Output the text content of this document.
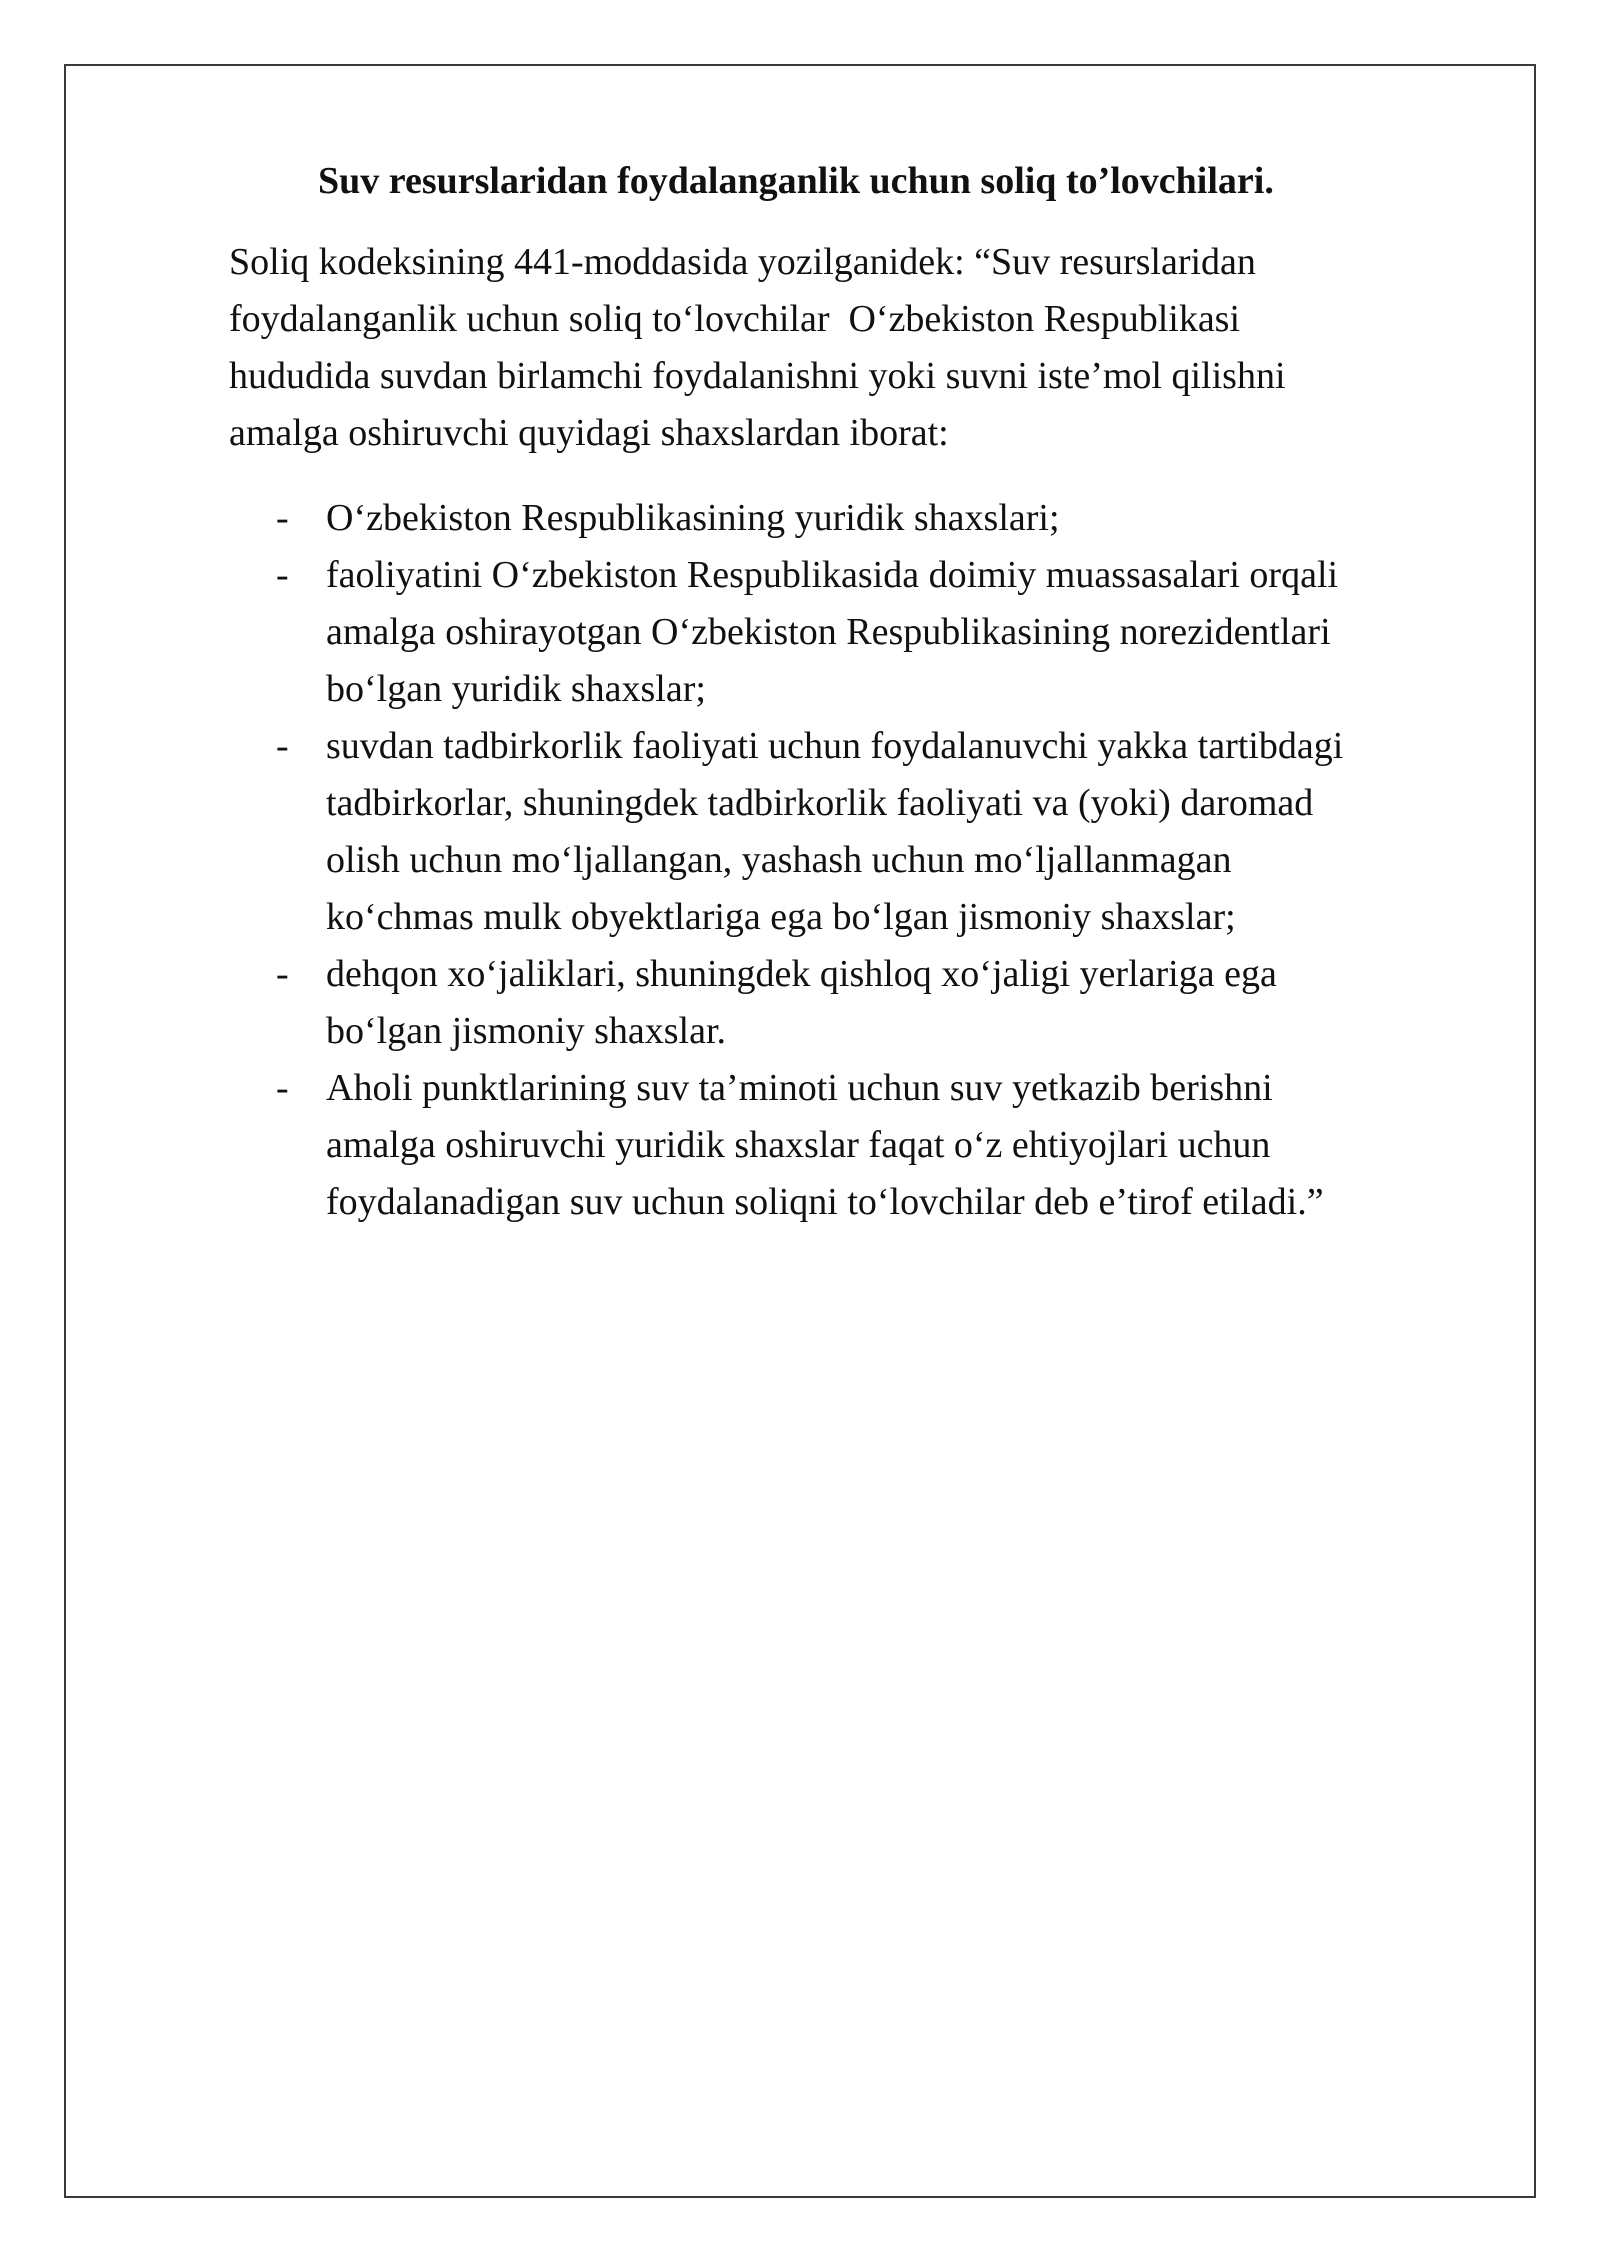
Suv resurslaridan foydalanganlik uchun soliq to’lovchilari.

Soliq kodeksining 441-moddasida yozilganidek: “Suv resurslaridan
foydalanganlik uchun soliq toʻlovchilar  Oʻzbekiston Respublikasi
hududida suvdan birlamchi foydalanishni yoki suvni iste’mol qilishni
amalga oshiruvchi quyidagi shaxslardan iborat:

- Oʻzbekiston Respublikasining yuridik shaxslari;
- faoliyatini Oʻzbekiston Respublikasida doimiy muassasalari orqali
amalga oshirayotgan Oʻzbekiston Respublikasining norezidentlari
boʻlgan yuridik shaxslar;
- suvdan tadbirkorlik faoliyati uchun foydalanuvchi yakka tartibdagi
tadbirkorlar, shuningdek tadbirkorlik faoliyati va (yoki) daromad
olish uchun moʻljallangan, yashash uchun moʻljallanmagan
koʻchmas mulk obyektlariga ega boʻlgan jismoniy shaxslar;
- dehqon xoʻjaliklari, shuningdek qishloq xoʻjaligi yerlariga ega
boʻlgan jismoniy shaxslar.
- Aholi punktlarining suv ta’minoti uchun suv yetkazib berishni
amalga oshiruvchi yuridik shaxslar faqat oʻz ehtiyojlari uchun
foydalanadigan suv uchun soliqni toʻlovchilar deb e’tirof etiladi.”
